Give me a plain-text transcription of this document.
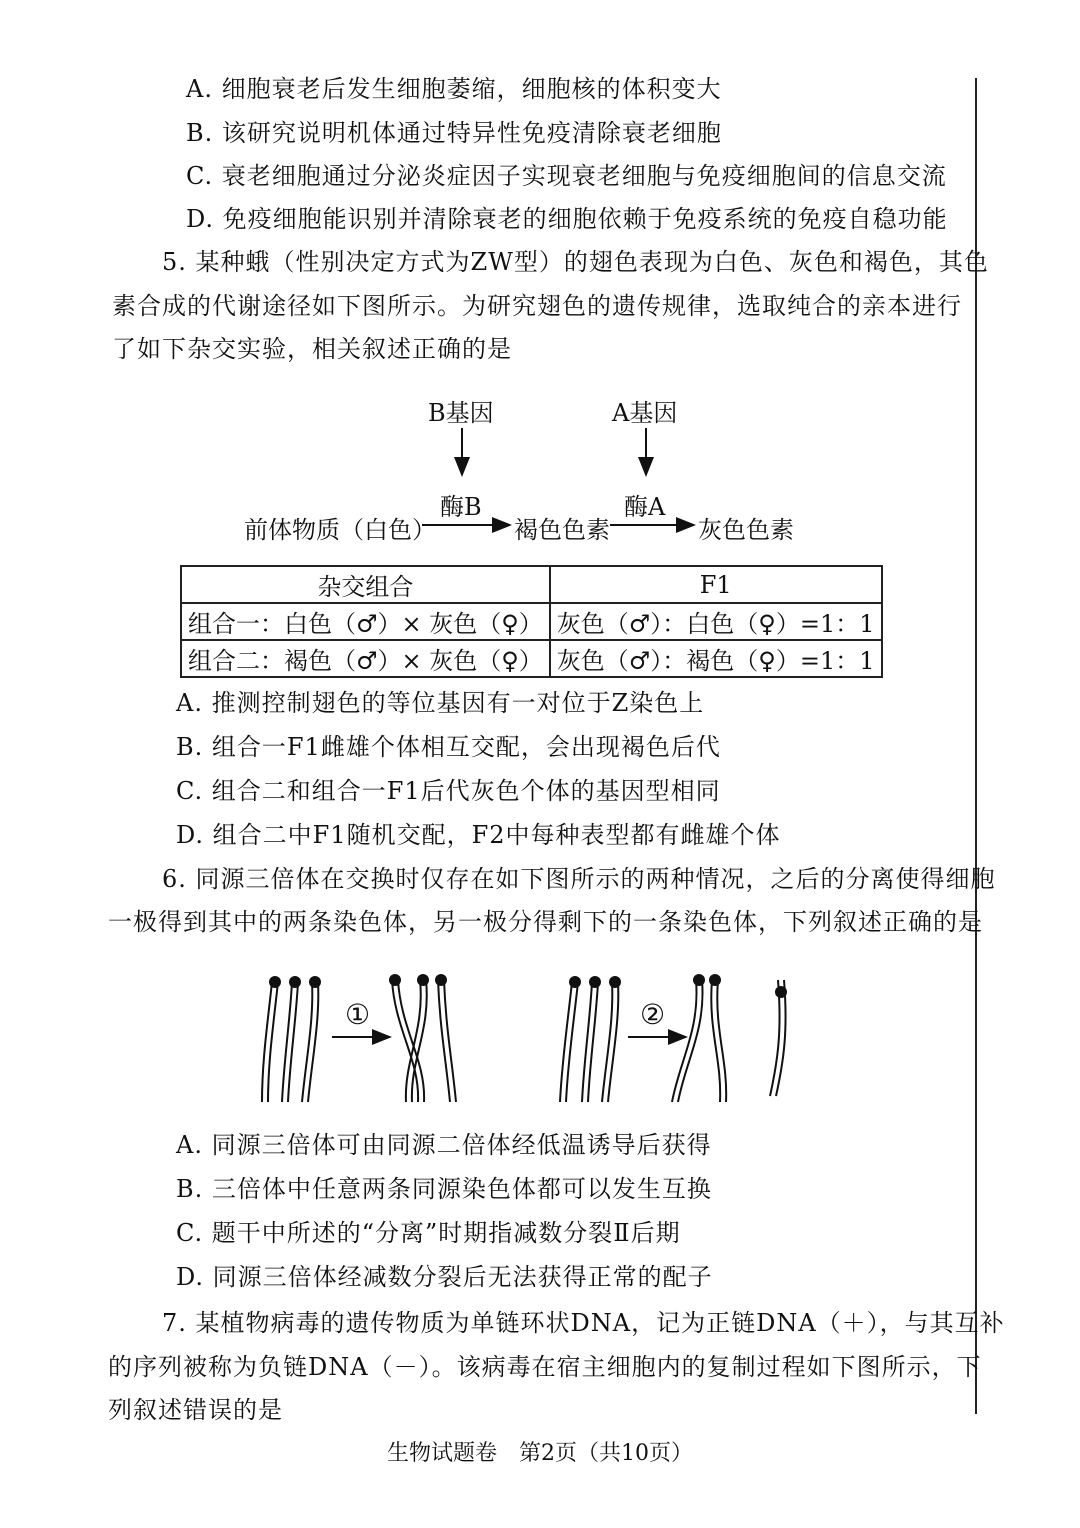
A. 细胞衰老后发生细胞萎缩，细胞核的体积变大
B. 该研究说明机体通过特异性免疫清除衰老细胞
C. 衰老细胞通过分泌炎症因子实现衰老细胞与免疫细胞间的信息交流
D. 免疫细胞能识别并清除衰老的细胞依赖于免疫系统的免疫自稳功能
5. 某种蛾（性别决定方式为ZW型）的翅色表现为白色、灰色和褐色，其色
素合成的代谢途径如下图所示。为研究翅色的遗传规律，选取纯合的亲本进行
了如下杂交实验，相关叙述正确的是
B基因	A基因
酶B	酶A
前体物质（白色）	褐色色素	灰色色素
杂交组合	F1
组合一：白色（♂）× 灰色（♀）	灰色（♂）：白色（♀）=1：1
组合二：褐色（♂）× 灰色（♀）	灰色（♂）：褐色（♀）=1：1
A. 推测控制翅色的等位基因有一对位于Z染色上
B. 组合一F1雌雄个体相互交配，会出现褐色后代
C. 组合二和组合一F1后代灰色个体的基因型相同
D. 组合二中F1随机交配，F2中每种表型都有雌雄个体
6. 同源三倍体在交换时仅存在如下图所示的两种情况，之后的分离使得细胞
一极得到其中的两条染色体，另一极分得剩下的一条染色体，下列叙述正确的是
①	②
A. 同源三倍体可由同源二倍体经低温诱导后获得
B. 三倍体中任意两条同源染色体都可以发生互换
C. 题干中所述的“分离”时期指减数分裂Ⅱ后期
D. 同源三倍体经减数分裂后无法获得正常的配子
7. 某植物病毒的遗传物质为单链环状DNA，记为正链DNA（＋），与其互补
的序列被称为负链DNA（－）。该病毒在宿主细胞内的复制过程如下图所示，下
列叙述错误的是
生物试题卷　第2页（共10页）
